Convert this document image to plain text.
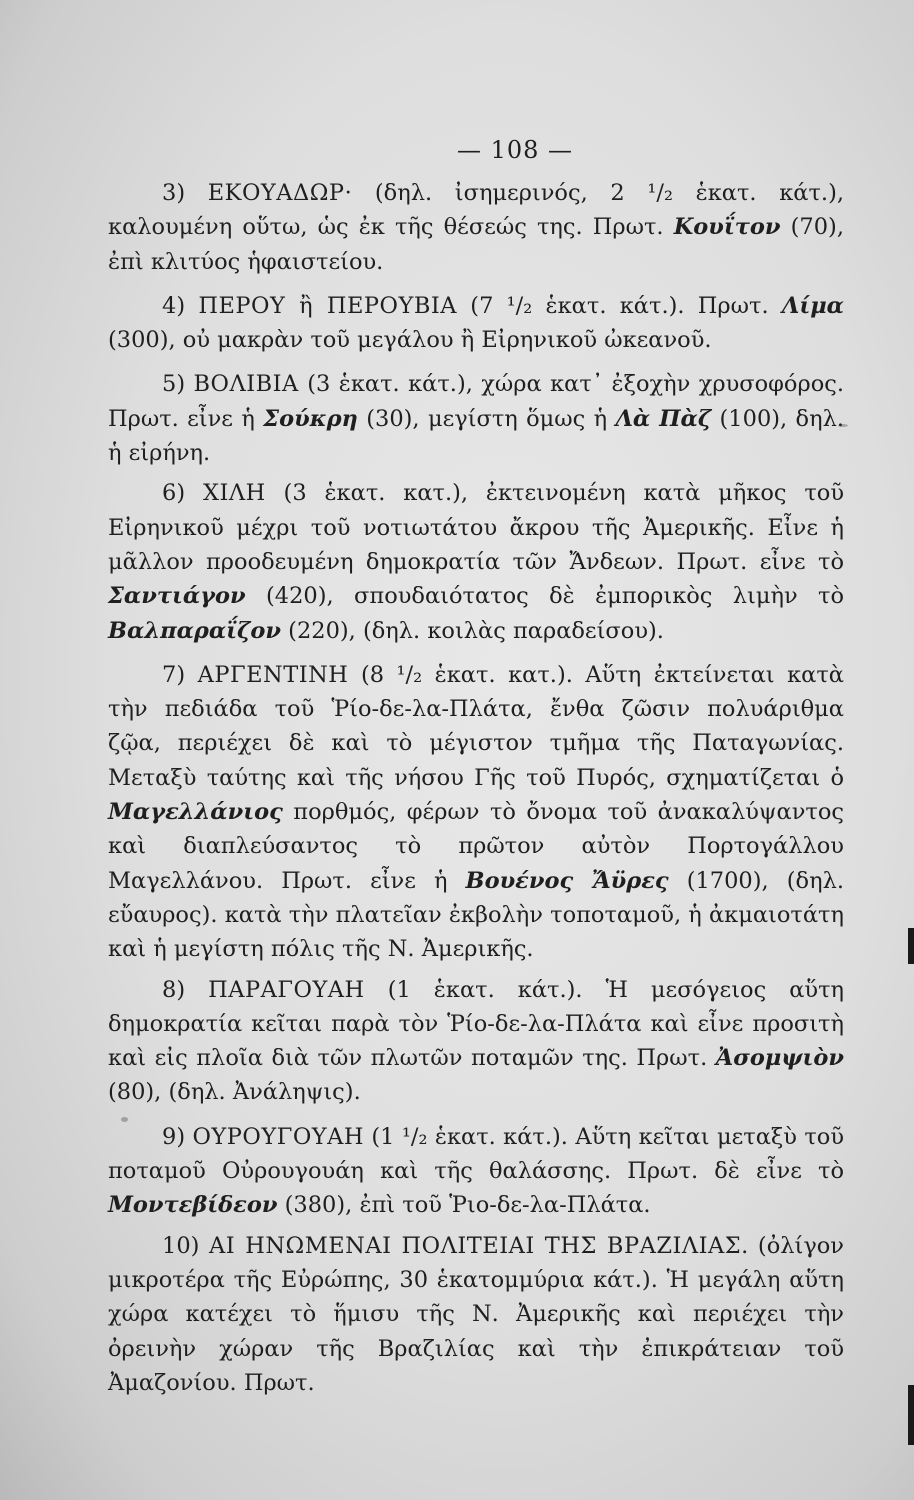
— 108 —

3) ΕΚΟΥΑΔΩΡ· (δηλ. ἰσημερινός, 2 ¹/₂ ἑκατ. κάτ.), καλουμένη οὕτω, ὡς ἐκ τῆς θέσεώς της. Πρωτ. Κουΐτον (70), ἐπὶ κλιτύος ἡφαιστείου.

4) ΠΕΡΟΥ ἢ ΠΕΡΟΥΒΙΑ (7 ¹/₂ ἑκατ. κάτ.). Πρωτ. Λίμα (300), οὐ μακρὰν τοῦ μεγάλου ἢ Εἰρηνικοῦ ὠκεανοῦ.

5) ΒΟΛΙΒΙΑ (3 ἑκατ. κάτ.), χώρα κατ᾽ ἐξοχὴν χρυσοφόρος. Πρωτ. εἶνε ἡ Σούκρη (30), μεγίστη ὅμως ἡ Λὰ Πὰζ (100), δηλ. ἡ εἰρήνη.

6) ΧΙΛΗ (3 ἑκατ. κατ.), ἐκτεινομένη κατὰ μῆκος τοῦ Εἰρηνικοῦ μέχρι τοῦ νοτιωτάτου ἄκρου τῆς Ἀμερικῆς. Εἶνε ἡ μᾶλλον προοδευμένη δημοκρατία τῶν Ἄνδεων. Πρωτ. εἶνε τὸ Σαντιάγον (420), σπουδαιότατος δὲ ἐμπορικὸς λιμὴν τὸ Βαλπαραΐζον (220), (δηλ. κοιλὰς παραδείσου).

7) ΑΡΓΕΝΤΙΝΗ (8 ¹/₂ ἑκατ. κατ.). Αὕτη ἐκτείνεται κατὰ τὴν πεδιάδα τοῦ Ῥίο-δε-λα-Πλάτα, ἔνθα ζῶσιν πολυάριθμα ζῷα, περιέχει δὲ καὶ τὸ μέγιστον τμῆμα τῆς Παταγωνίας. Μεταξὺ ταύτης καὶ τῆς νήσου Γῆς τοῦ Πυρός, σχηματίζεται ὁ Μαγελλάνιος πορθμός, φέρων τὸ ὄνομα τοῦ ἀνακαλύψαντος καὶ διαπλεύσαντος τὸ πρῶτον αὐτὸν Πορτογάλλου Μαγελλάνου. Πρωτ. εἶνε ἡ Βουένος Ἄϋρες (1700), (δηλ. εὔαυρος). κατὰ τὴν πλατεῖαν ἐκβολὴν τοποταμοῦ, ἡ ἀκμαιοτάτη καὶ ἡ μεγίστη πόλις τῆς Ν. Ἀμερικῆς.

8) ΠΑΡΑΓΟΥΑΗ (1 ἑκατ. κάτ.). Ἡ μεσόγειος αὕτη δημοκρατία κεῖται παρὰ τὸν Ῥίο-δε-λα-Πλάτα καὶ εἶνε προσιτὴ καὶ εἰς πλοῖα διὰ τῶν πλωτῶν ποταμῶν της. Πρωτ. Ἀσομψιὸν (80), (δηλ. Ἀνάληψις).

9) ΟΥΡΟΥΓΟΥΑΗ (1 ¹/₂ ἑκατ. κάτ.). Αὕτη κεῖται μεταξὺ τοῦ ποταμοῦ Οὐρουγουάη καὶ τῆς θαλάσσης. Πρωτ. δὲ εἶνε τὸ Μοντεβίδεον (380), ἐπὶ τοῦ Ῥιο-δε-λα-Πλάτα.

10) ΑΙ ΗΝΩΜΕΝΑΙ ΠΟΛΙΤΕΙΑΙ ΤΗΣ ΒΡΑΖΙΛΙΑΣ. (ὀλίγον μικροτέρα τῆς Εὐρώπης, 30 ἑκατομμύρια κάτ.). Ἡ μεγάλη αὕτη χώρα κατέχει τὸ ἥμισυ τῆς Ν. Ἀμερικῆς καὶ περιέχει τὴν ὀρεινὴν χώραν τῆς Βραζιλίας καὶ τὴν ἐπικράτειαν τοῦ Ἀμαζονίου. Πρωτ.
